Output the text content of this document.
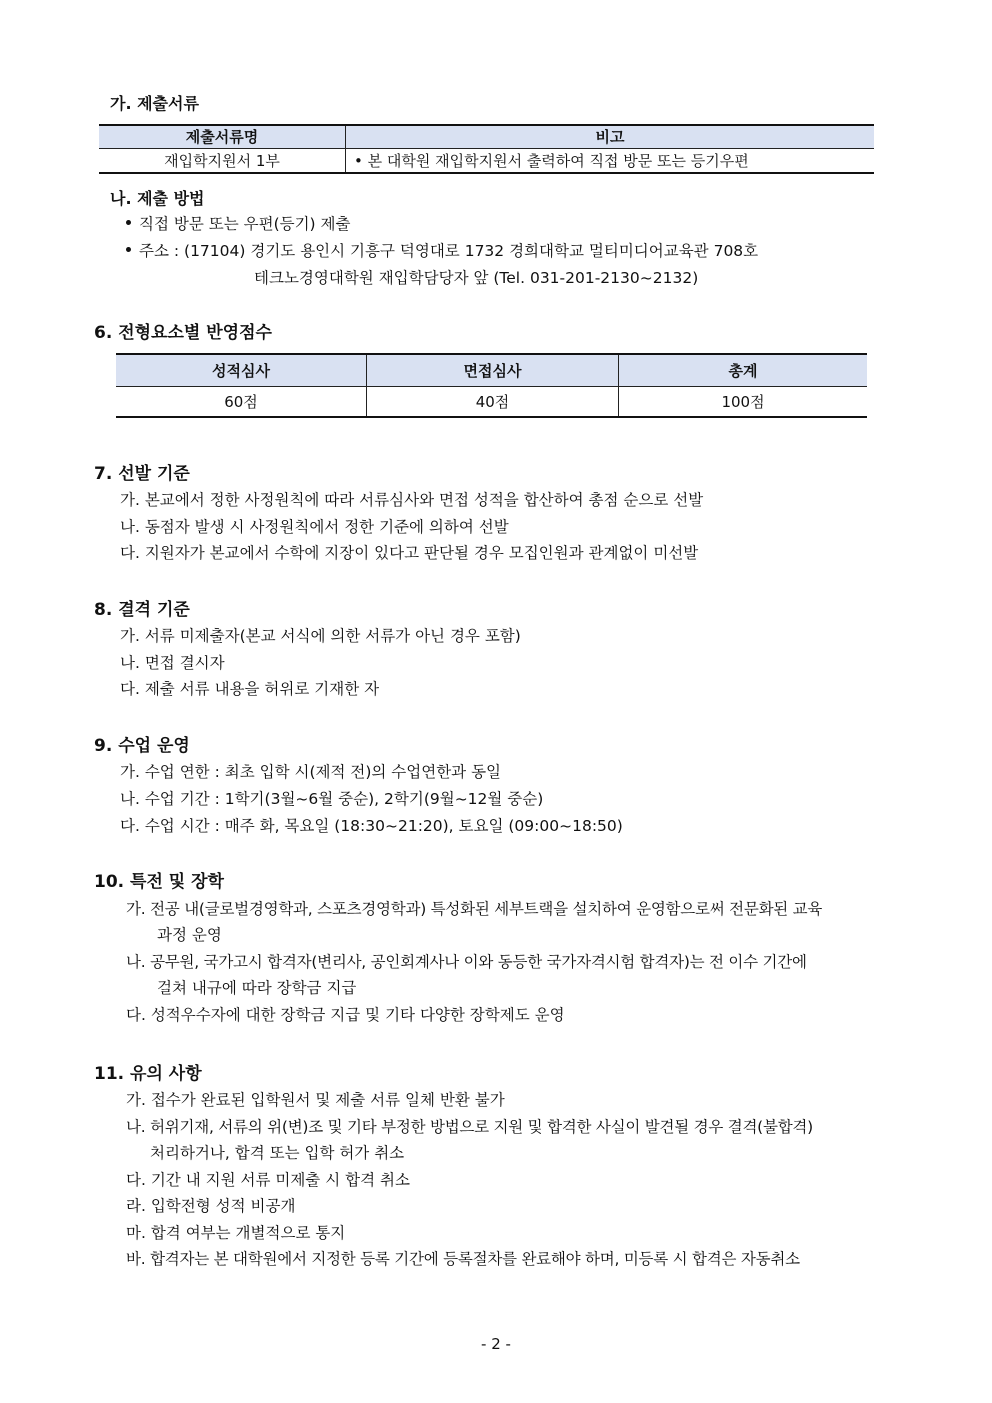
가. 제출서류
제출서류명	비고
재입학지원서 1부	• 본 대학원 재입학지원서 출력하여 직접 방문 또는 등기우편
나. 제출 방법
직접 방문 또는 우편(등기) 제출
주소 : (17104) 경기도 용인시 기흥구 덕영대로 1732 경희대학교 멀티미디어교육관 708호
테크노경영대학원 재입학담당자 앞 (Tel. 031-201-2130~2132)
6. 전형요소별 반영점수
성적심사	면접심사	총계
60점	40점	100점
7. 선발 기준
가. 본교에서 정한 사정원칙에 따라 서류심사와 면접 성적을 합산하여 총점 순으로 선발
나. 동점자 발생 시 사정원칙에서 정한 기준에 의하여 선발
다. 지원자가 본교에서 수학에 지장이 있다고 판단될 경우 모집인원과 관계없이 미선발
8. 결격 기준
가. 서류 미제출자(본교 서식에 의한 서류가 아닌 경우 포함)
나. 면접 결시자
다. 제출 서류 내용을 허위로 기재한 자
9. 수업 운영
가. 수업 연한 : 최초 입학 시(제적 전)의 수업연한과 동일
나. 수업 기간 : 1학기(3월~6월 중순), 2학기(9월~12월 중순)
다. 수업 시간 : 매주 화, 목요일 (18:30~21:20), 토요일 (09:00~18:50)
10. 특전 및 장학
가. 전공 내(글로벌경영학과, 스포츠경영학과) 특성화된 세부트랙을 설치하여 운영함으로써 전문화된 교육
과정 운영
나. 공무원, 국가고시 합격자(변리사, 공인회계사나 이와 동등한 국가자격시험 합격자)는 전 이수 기간에
걸쳐 내규에 따라 장학금 지급
다. 성적우수자에 대한 장학금 지급 및 기타 다양한 장학제도 운영
11. 유의 사항
가. 접수가 완료된 입학원서 및 제출 서류 일체 반환 불가
나. 허위기재, 서류의 위(변)조 및 기타 부정한 방법으로 지원 및 합격한 사실이 발견될 경우 결격(불합격)
처리하거나, 합격 또는 입학 허가 취소
다. 기간 내 지원 서류 미제출 시 합격 취소
라. 입학전형 성적 비공개
마. 합격 여부는 개별적으로 통지
바. 합격자는 본 대학원에서 지정한 등록 기간에 등록절차를 완료해야 하며, 미등록 시 합격은 자동취소
- 2 -
